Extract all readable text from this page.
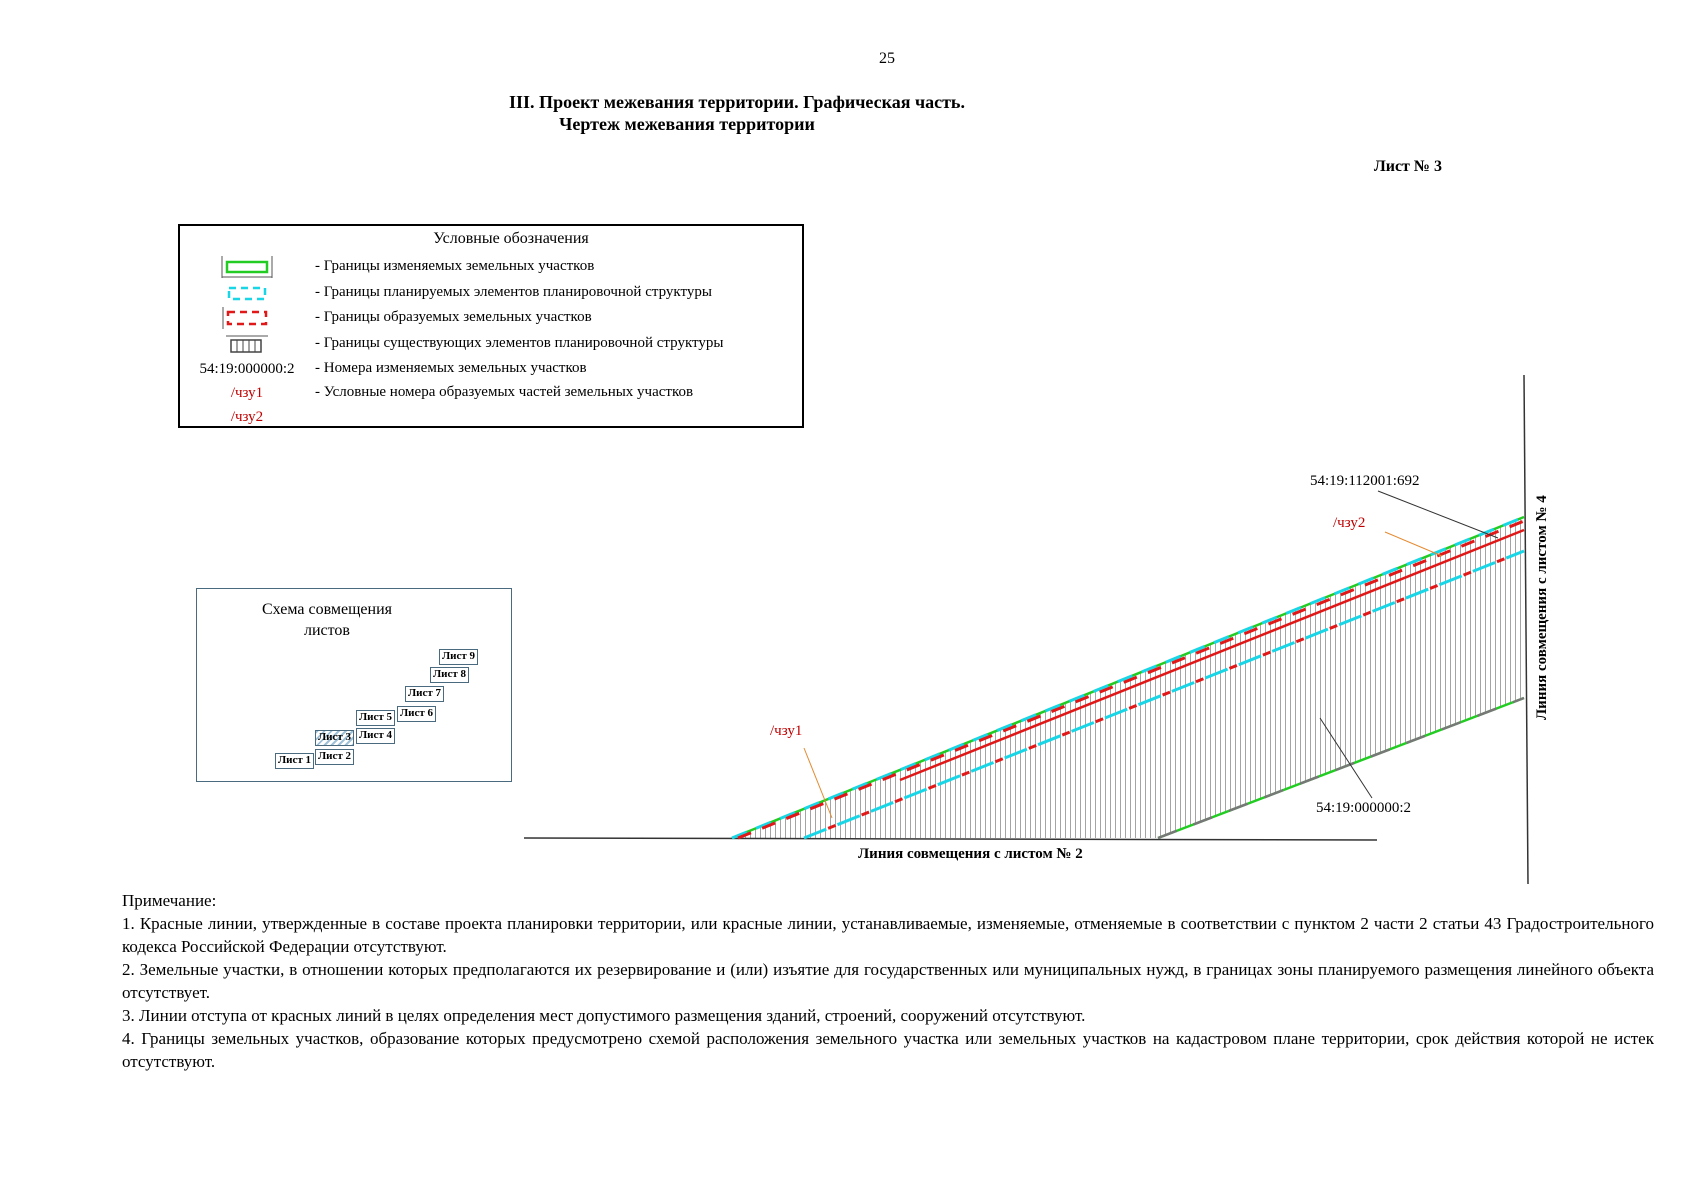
25
III. Проект межевания территории. Графическая часть.
Чертеж межевания территории
Лист № 3
Условные обозначения
- Границы изменяемых земельных участков
- Границы планируемых элементов планировочной структуры
- Границы образуемых земельных участков
- Границы существующих элементов планировочной структуры
54:19:000000:2	- Номера изменяемых земельных участков
/чзу1	- Условные номера образуемых частей земельных участков
/чзу2
Схема совмещения листов
Лист 1 Лист 2
Лист 3 Лист 4
Лист 5 Лист 6
Лист 7
Лист 8
Лист 9
54:19:112001:692
/чзу2
/чзу1
54:19:000000:2
Линия совмещения с листом № 2
Линия совмещения с листом № 4

Примечание:

1. Красные линии, утвержденные в составе проекта планировки территории, или красные линии, устанавливаемые, изменяемые, отменяемые в соответствии с пунктом 2 части 2 статьи 43 Градостроительного кодекса Российской Федерации отсутствуют.

2. Земельные участки, в отношении которых предполагаются их резервирование и (или) изъятие для государственных или муниципальных нужд, в границах зоны планируемого размещения линейного объекта отсутствует.

3. Линии отступа от красных линий в целях определения мест допустимого размещения зданий, строений, сооружений отсутствуют.

4. Границы земельных участков, образование которых предусмотрено схемой расположения земельного участка или земельных участков на кадастровом плане территории, срок действия которой не истек отсутствуют.
